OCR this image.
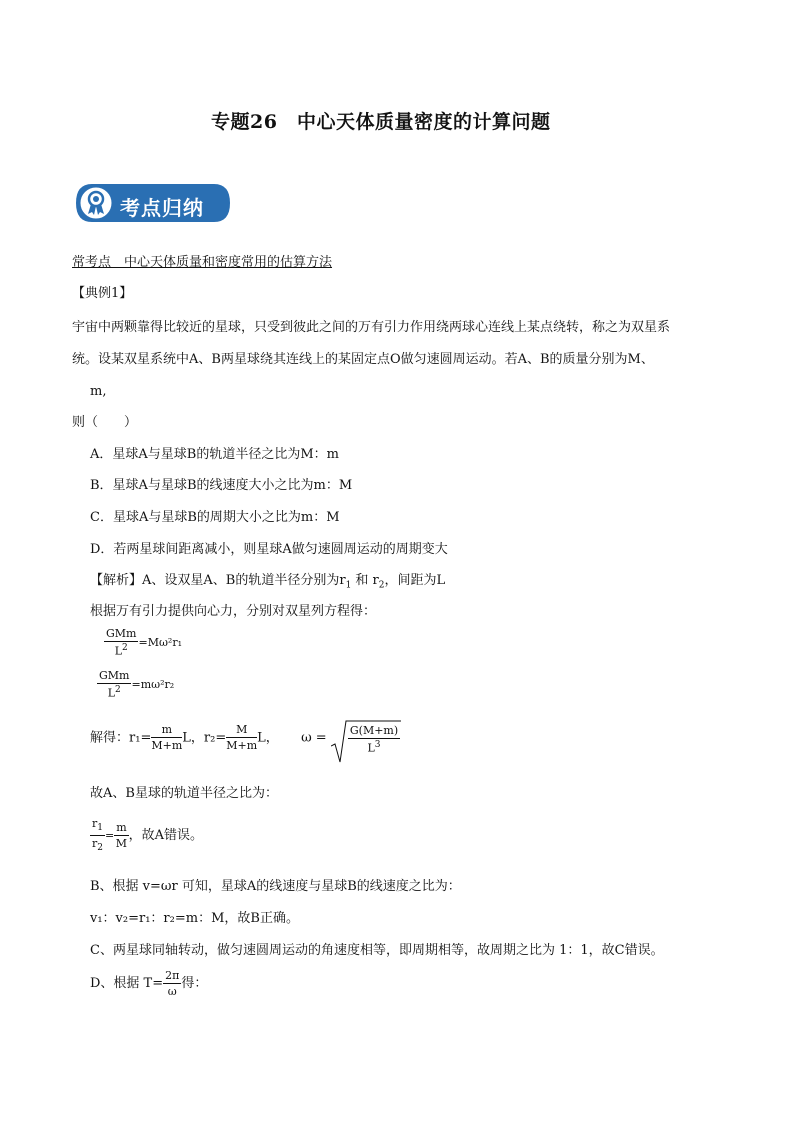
专题26　中心天体质量密度的计算问题
考点归纳
常考点　中心天体质量和密度常用的估算方法
【典例1】
宇宙中两颗靠得比较近的星球，只受到彼此之间的万有引力作用绕两球心连线上某点绕转，称之为双星系
统。设某双星系统中A、B两星球绕其连线上的某固定点O做匀速圆周运动。若A、B的质量分别为M、
m,
则（　　）
A．星球A与星球B的轨道半径之比为M：m
B．星球A与星球B的线速度大小之比为m：M
C．星球A与星球B的周期大小之比为m：M
D．若两星球间距离减小，则星球A做匀速圆周运动的周期变大
【解析】A、设双星A、B的轨道半径分别为$r_1$ 和 $r_2$，间距为L
根据万有引力提供向心力，分别对双星列方程得：
$\frac{\text{GMm}}{L^2} =M\omega^2r_1$
$\frac{\text{GMm}}{L^2} =m\omega^2r_2$
解得：$r_1= \frac{m}{M+m}$ L，$r_2= \frac{M}{M+m}$ L， $\omega = \frac{G(M+m)}{L^3}$
故A、B星球的轨道半径之比为：
$\frac{r_1}{r_2} = \frac{m}{M}$ ，故A错误。
B、根据 v=ωr 可知，星球A的线速度与星球B的线速度之比为：
v₁：v₂=r₁：r₂=m：M，故B正确。
C、两星球同轴转动，做匀速圆周运动的角速度相等，即周期相等，故周期之比为 1：1，故C错误。
D、根据 $T= \frac{2\pi}{\omega}$ 得：
